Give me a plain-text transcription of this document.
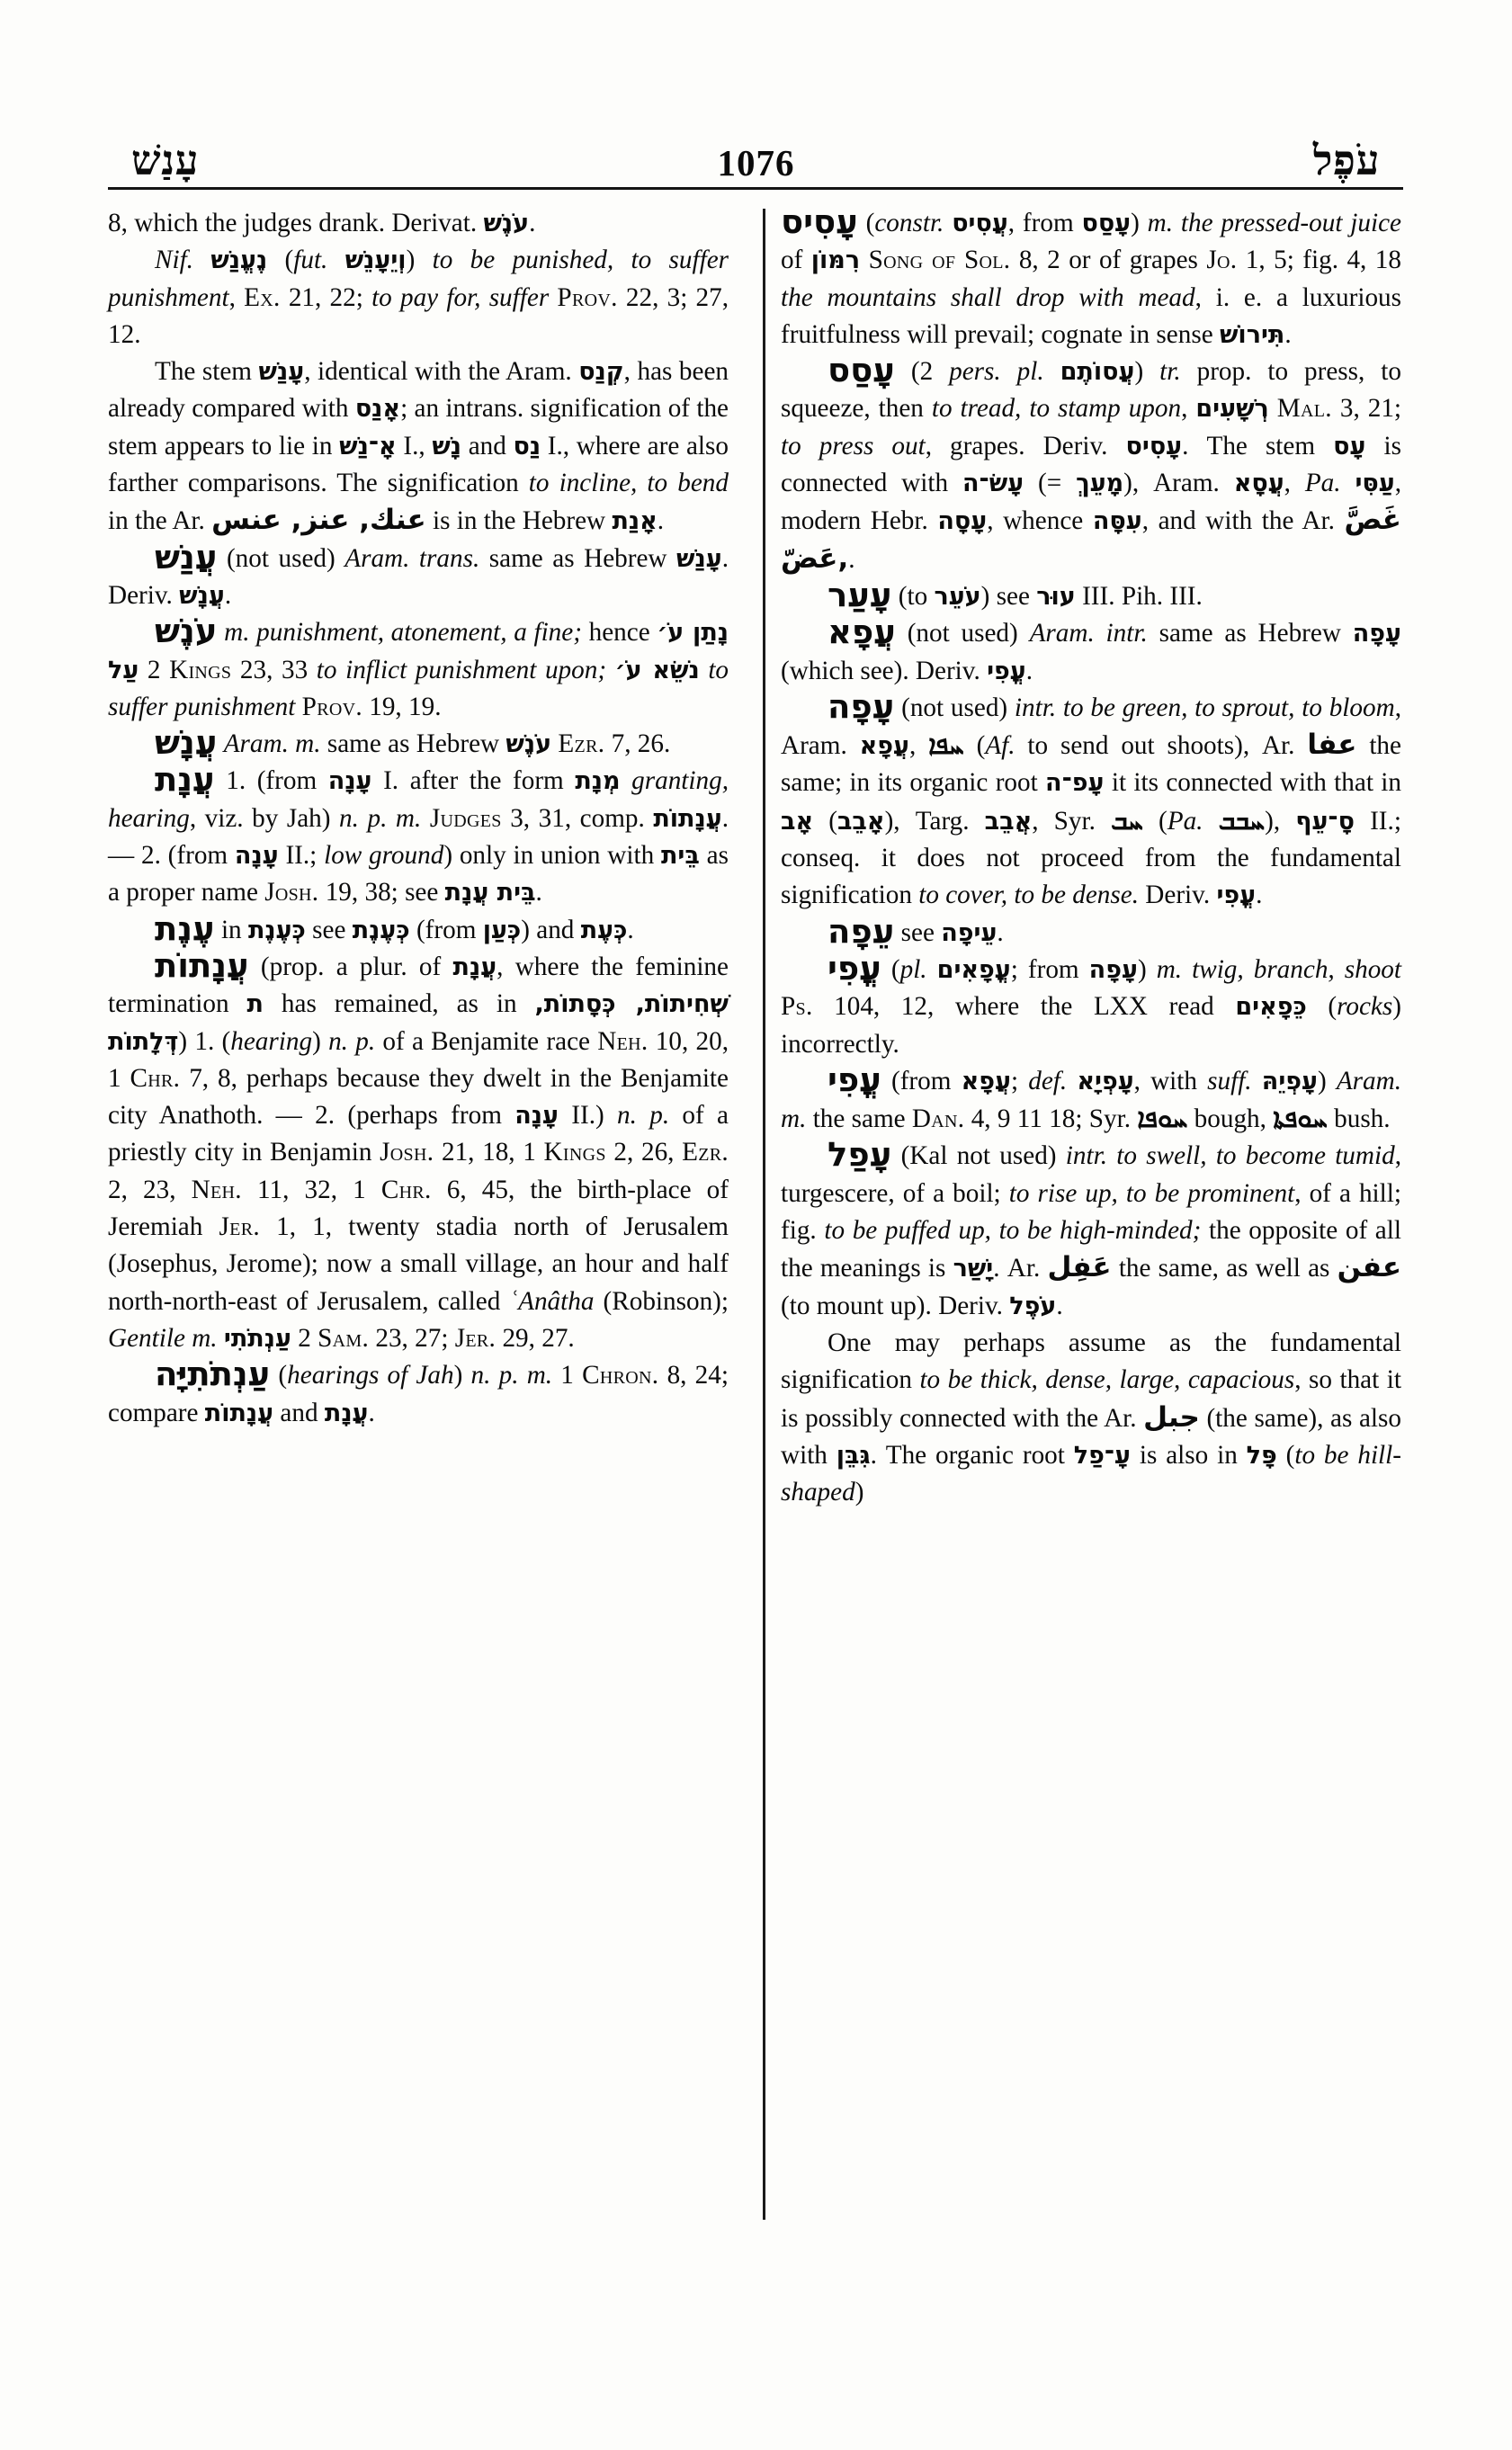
עָנַשׁ	1076	עֹפֶל

8, which the judges drank. Derivat. עֹנֶשׁ.

Nif. נֶעֱנַשׁ (fut. וְיֵעָנֵשׁ) to be punished, to suffer punishment, Ex. 21, 22; to pay for, suffer Prov. 22, 3; 27, 12.

The stem עָנַשׁ, identical with the Aram. קְנַס, has been already compared with אָנַס; an intrans. signification of the stem appears to lie in אָ־נַשׁ I., נָשׁ and נַס I., where are also farther comparisons. The signification to incline, to bend in the Ar. عنك, عنز, عنس is in the Hebrew אָנַת.

עֲנַשׁ (not used) Aram. trans. same as Hebrew עָנַשׁ. Deriv. עֲנָשׁ.

עֹנֶשׁ m. punishment, atonement, a fine; hence נָתַן עֹ׳ עַל 2 Kings 23, 33 to inflict punishment upon; נֹשֵׂא עֹ׳ to suffer punishment Prov. 19, 19.

עֲנָשׁ Aram. m. same as Hebrew עֹנֶשׁ Ezr. 7, 26.

עֲנָת 1. (from עָנָה I. after the form מְנָת granting, hearing, viz. by Jah) n. p. m. Judges 3, 31, comp. עֲנָתוֹת. — 2. (from עָנָה II.; low ground) only in union with בֵּית as a proper name Josh. 19, 38; see בֵּית עֲנָת.

עֶנֶת in כְּעֶנֶת see כְּעֶנֶת (from כְּעַן) and כְּעֶת.

עֲנָתוֹת (prop. a plur. of עֲנָת, where the feminine termination ת has remained, as in שְׁחִיתוֹת, כְּסָתוֹת, דְּלָתוֹת) 1. (hearing) n. p. of a Benjamite race Neh. 10, 20, 1 Chr. 7, 8, perhaps because they dwelt in the Benjamite city Anathoth. — 2. (perhaps from עָנָה II.) n. p. of a priestly city in Benjamin Josh. 21, 18, 1 Kings 2, 26, Ezr. 2, 23, Neh. 11, 32, 1 Chr. 6, 45, the birth-place of Jeremiah Jer. 1, 1, twenty stadia north of Jerusalem (Josephus, Jerome); now a small village, an hour and half north-north-east of Jerusalem, called ʿAnâtha (Robinson); Gentile m. עַנְתֹתִי 2 Sam. 23, 27; Jer. 29, 27.

עַנְתֹתִיָּה (hearings of Jah) n. p. m. 1 Chron. 8, 24; compare עֲנָתוֹת and עֲנָת.

עָסִיס (constr. עֲסִיס, from עָסַס) m. the pressed-out juice of רִמּוֹן Song of Sol. 8, 2 or of grapes Jo. 1, 5; fig. 4, 18 the mountains shall drop with mead, i. e. a luxurious fruitfulness will prevail; cognate in sense תִּירוֹשׁ.

עָסַס (2 pers. pl. עֲסוֹתֶם) tr. prop. to press, to squeeze, then to tread, to stamp upon, רְשָׁעִים Mal. 3, 21; to press out, grapes. Deriv. עָסִיס. The stem עָס is connected with עָשׂ־ה (= מָעֵךְ), Aram. עֲסָא, Pa. עַסִּי, modern Hebr. עָסָה, whence עִסָּה, and with the Ar. غَصَّ ,عَضّ.

עָעַר (to עֹעֵר) see עוּר III. Pih. III.

עֲפָא (not used) Aram. intr. same as Hebrew עָפָה (which see). Deriv. עֳפִי.

עָפָה (not used) intr. to be green, to sprout, to bloom, Aram. עֲפָא, ܚܦܐ (Af. to send out shoots), Ar. عفا the same; in its organic root עָפ־ה it its connected with that in אָב (אָבֵב), Targ. אֲבֵב, Syr. ܚܒ (Pa. ܚܒܒ), סָ־עֵף II.; conseq. it does not proceed from the fundamental signification to cover, to be dense. Deriv. עֳפִי.

עֵפָה see עֵיפָה.

עֳפִי (pl. עֳפָאִים; from עָפָה) m. twig, branch, shoot Ps. 104, 12, where the LXX read כֵּפָאִים (rocks) incorrectly.

עֳפִי (from עֲפָא; def. עָפְיָא, with suff. עָפְיֵהּ) Aram. m. the same Dan. 4, 9 11 18; Syr. ܚܘܦܐ bough, ܚܘܦܬܐ bush.

עָפַל (Kal not used) intr. to swell, to become tumid, turgescere, of a boil; to rise up, to be prominent, of a hill; fig. to be puffed up, to be high-minded; the opposite of all the meanings is יָשַׁר. Ar. عَفِل the same, as well as عفن (to mount up). Deriv. עֹפֶל.

One may perhaps assume as the fundamental signification to be thick, dense, large, capacious, so that it is possibly connected with the Ar. جبل (the same), as also with גִּבֵּן. The organic root עָ־פַל is also in פָּל (to be hill-shaped)
